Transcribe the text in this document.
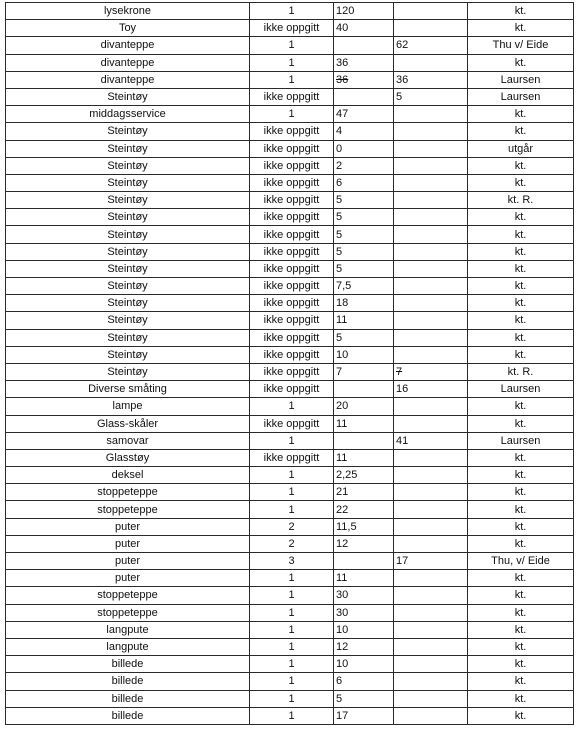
lysekrone	1	120		kt.
Toy	ikke oppgitt	40		kt.
divanteppe	1		62	Thu v/ Eide
divanteppe	1	36		kt.
divanteppe	1	36	36	Laursen
Steintøy	ikke oppgitt		5	Laursen
middagsservice	1	47		kt.
Steintøy	ikke oppgitt	4		kt.
Steintøy	ikke oppgitt	0		utgår
Steintøy	ikke oppgitt	2		kt.
Steintøy	ikke oppgitt	6		kt.
Steintøy	ikke oppgitt	5		kt. R.
Steintøy	ikke oppgitt	5		kt.
Steintøy	ikke oppgitt	5		kt.
Steintøy	ikke oppgitt	5		kt.
Steintøy	ikke oppgitt	5		kt.
Steintøy	ikke oppgitt	7,5		kt.
Steintøy	ikke oppgitt	18		kt.
Steintøy	ikke oppgitt	11		kt.
Steintøy	ikke oppgitt	5		kt.
Steintøy	ikke oppgitt	10		kt.
Steintøy	ikke oppgitt	7	7	kt. R.
Diverse småting	ikke oppgitt		16	Laursen
lampe	1	20		kt.
Glass-skåler	ikke oppgitt	11		kt.
samovar	1		41	Laursen
Glasstøy	ikke oppgitt	11		kt.
deksel	1	2,25		kt.
stoppeteppe	1	21		kt.
stoppeteppe	1	22		kt.
puter	2	11,5		kt.
puter	2	12		kt.
puter	3		17	Thu, v/ Eide
puter	1	11		kt.
stoppeteppe	1	30		kt.
stoppeteppe	1	30		kt.
langpute	1	10		kt.
langpute	1	12		kt.
billede	1	10		kt.
billede	1	6		kt.
billede	1	5		kt.
billede	1	17		kt.
